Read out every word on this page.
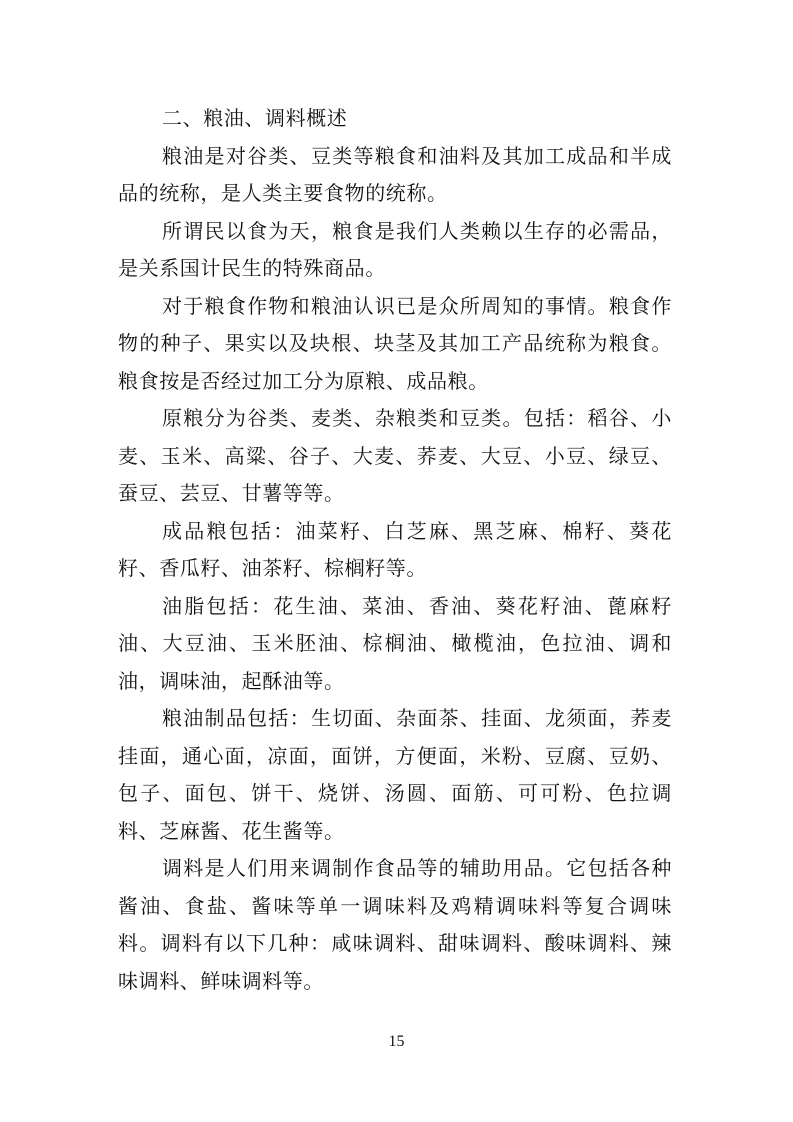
二、粮油、调料概述

粮油是对谷类、豆类等粮食和油料及其加工成品和半成品的统称，是人类主要食物的统称。

所谓民以食为天，粮食是我们人类赖以生存的必需品，是关系国计民生的特殊商品。

对于粮食作物和粮油认识已是众所周知的事情。粮食作物的种子、果实以及块根、块茎及其加工产品统称为粮食。粮食按是否经过加工分为原粮、成品粮。

原粮分为谷类、麦类、杂粮类和豆类。包括：稻谷、小麦、玉米、高粱、谷子、大麦、荞麦、大豆、小豆、绿豆、蚕豆、芸豆、甘薯等等。

成品粮包括：油菜籽、白芝麻、黑芝麻、棉籽、葵花籽、香瓜籽、油茶籽、棕榈籽等。

油脂包括：花生油、菜油、香油、葵花籽油、蓖麻籽油、大豆油、玉米胚油、棕榈油、橄榄油，色拉油、调和油，调味油，起酥油等。

粮油制品包括：生切面、杂面茶、挂面、龙须面，荞麦挂面，通心面，凉面，面饼，方便面，米粉、豆腐、豆奶、包子、面包、饼干、烧饼、汤圆、面筋、可可粉、色拉调料、芝麻酱、花生酱等。

调料是人们用来调制作食品等的辅助用品。它包括各种酱油、食盐、酱味等单一调味料及鸡精调味料等复合调味料。调料有以下几种：咸味调料、甜味调料、酸味调料、辣味调料、鲜味调料等。

15
